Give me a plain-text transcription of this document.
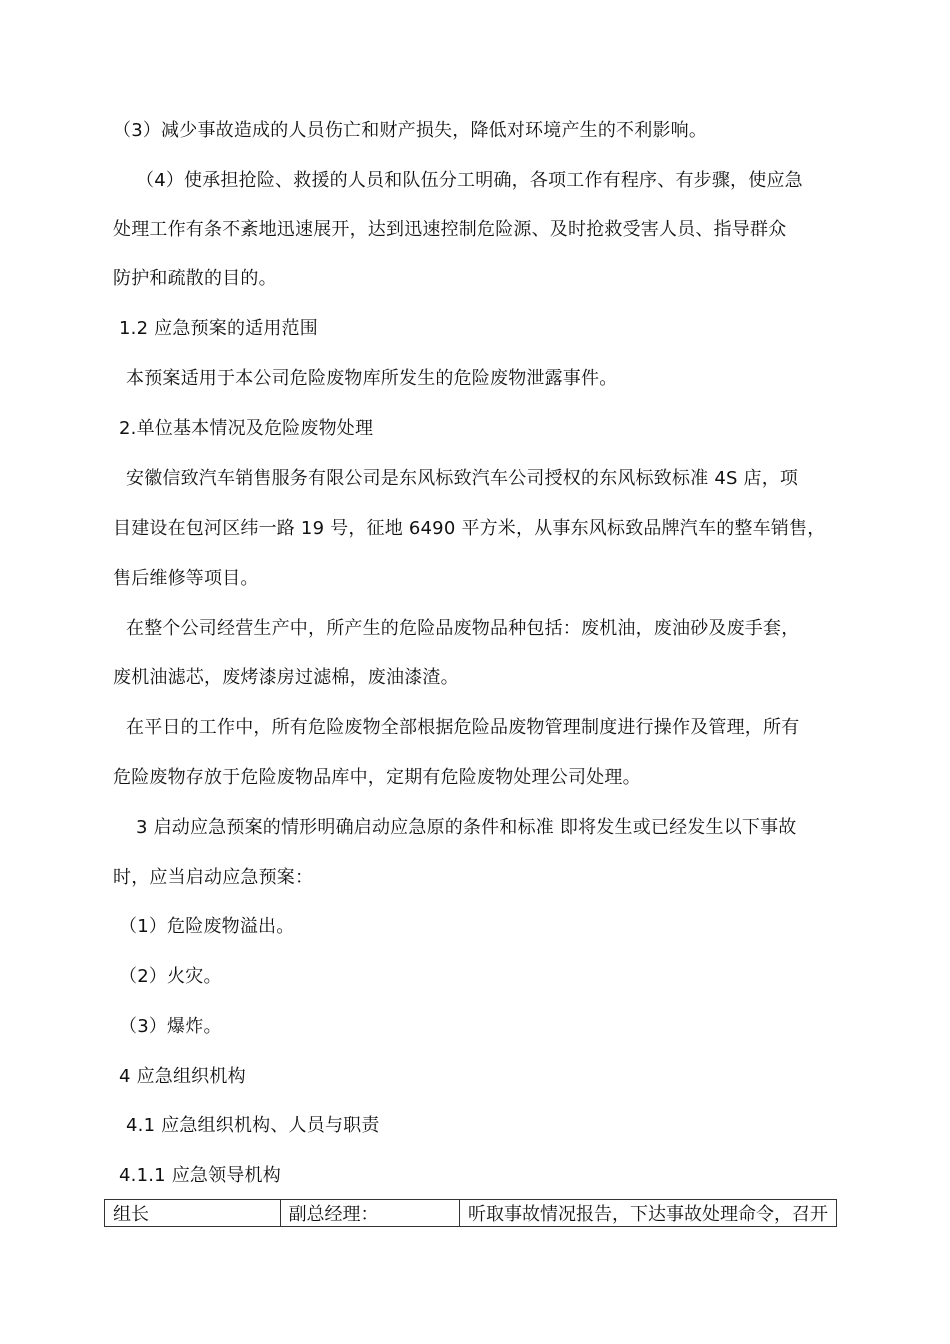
（3）减少事故造成的人员伤亡和财产损失，降低对环境产生的不利影响。
（4）使承担抢险、救援的人员和队伍分工明确，各项工作有程序、有步骤，使应急
处理工作有条不紊地迅速展开，达到迅速控制危险源、及时抢救受害人员、指导群众
防护和疏散的目的。
1.2 应急预案的适用范围
本预案适用于本公司危险废物库所发生的危险废物泄露事件。
2.单位基本情况及危险废物处理
安徽信致汽车销售服务有限公司是东风标致汽车公司授权的东风标致标准 4S 店，项
目建设在包河区纬一路 19 号，征地 6490 平方米，从事东风标致品牌汽车的整车销售，
售后维修等项目。
在整个公司经营生产中，所产生的危险品废物品种包括：废机油，废油砂及废手套，
废机油滤芯，废烤漆房过滤棉，废油漆渣。
在平日的工作中，所有危险废物全部根据危险品废物管理制度进行操作及管理，所有
危险废物存放于危险废物品库中，定期有危险废物处理公司处理。
3 启动应急预案的情形明确启动应急原的条件和标准 即将发生或已经发生以下事故
时，应当启动应急预案：
（1）危险废物溢出。
（2）火灾。
（3）爆炸。
4 应急组织机构
4.1 应急组织机构、人员与职责
4.1.1 应急领导机构
组长	副总经理：	听取事故情况报告，下达事故处理命令，召开
